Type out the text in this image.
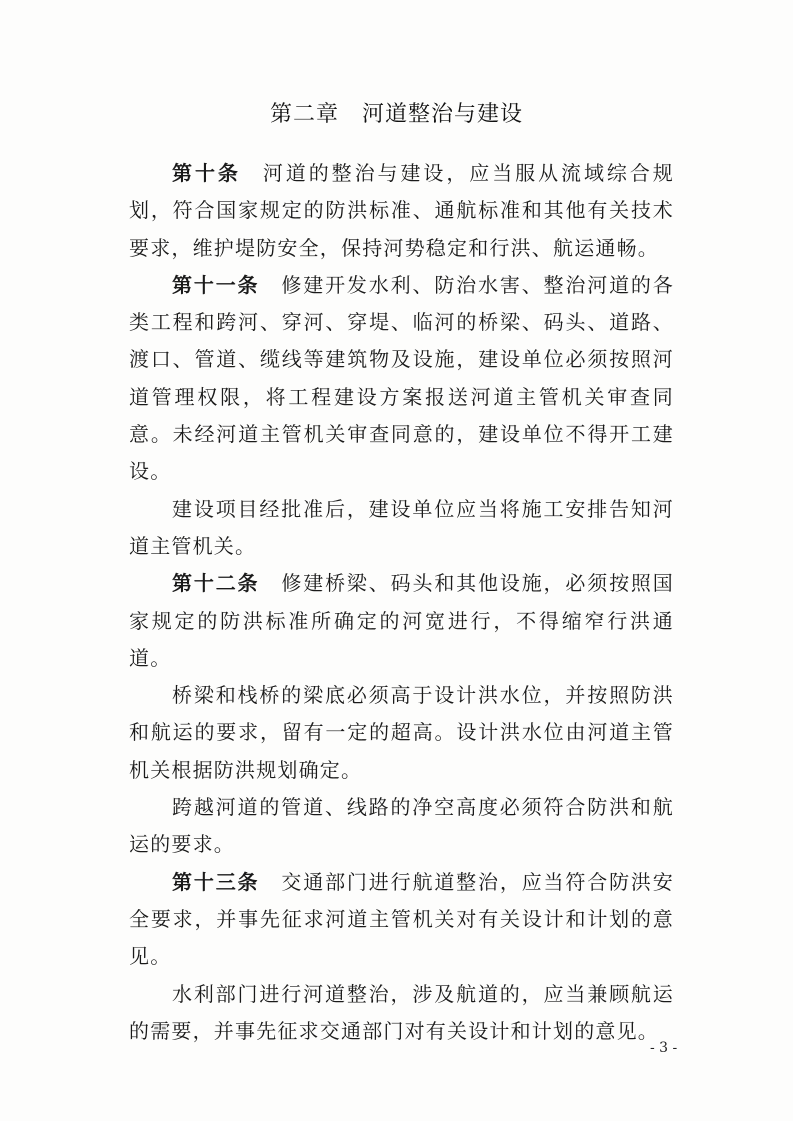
第二章　河道整治与建设

第十条 河道的整治与建设，应当服从流域综合规划，符合国家规定的防洪标准、通航标准和其他有关技术要求，维护堤防安全，保持河势稳定和行洪、航运通畅。

第十一条 修建开发水利、防治水害、整治河道的各类工程和跨河、穿河、穿堤、临河的桥梁、码头、道路、渡口、管道、缆线等建筑物及设施，建设单位必须按照河道管理权限，将工程建设方案报送河道主管机关审查同意。未经河道主管机关审查同意的，建设单位不得开工建设。

建设项目经批准后，建设单位应当将施工安排告知河道主管机关。

第十二条 修建桥梁、码头和其他设施，必须按照国家规定的防洪标准所确定的河宽进行，不得缩窄行洪通道。

桥梁和栈桥的梁底必须高于设计洪水位，并按照防洪和航运的要求，留有一定的超高。设计洪水位由河道主管机关根据防洪规划确定。

跨越河道的管道、线路的净空高度必须符合防洪和航运的要求。

第十三条 交通部门进行航道整治，应当符合防洪安全要求，并事先征求河道主管机关对有关设计和计划的意见。

水利部门进行河道整治，涉及航道的，应当兼顾航运的需要，并事先征求交通部门对有关设计和计划的意见。

- 3 -
